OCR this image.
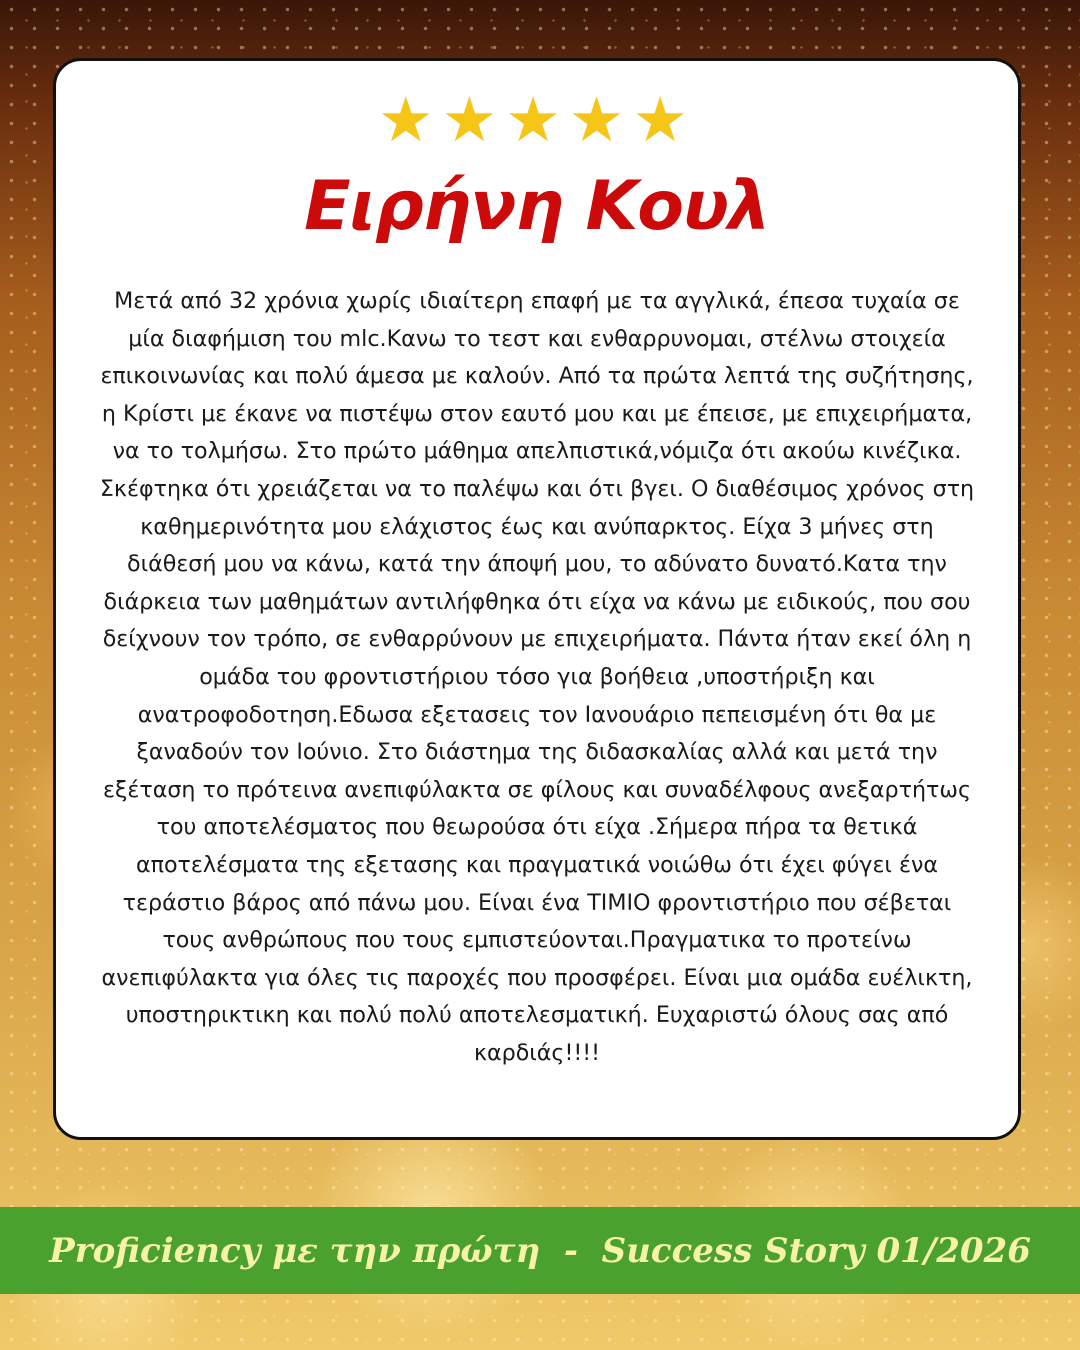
★★★★★
Ειρήνη Κουλ

Μετά από 32 χρόνια χωρίς ιδιαίτερη επαφή με τα αγγλικά, έπεσα τυχαία σε μία διαφήμιση του mlc.Κανω το τεστ και ενθαρρυνομαι, στέλνω στοιχεία επικοινωνίας και πολύ άμεσα με καλούν. Από τα πρώτα λεπτά της συζήτησης, η Κρίστι με έκανε να πιστέψω στον εαυτό μου και με έπεισε, με επιχειρήματα, να το τολμήσω. Στο πρώτο μάθημα απελπιστικά,νόμιζα ότι ακούω κινέζικα. Σκέφτηκα ότι χρειάζεται να το παλέψω και ότι βγει. Ο διαθέσιμος χρόνος στη καθημερινότητα μου ελάχιστος έως και ανύπαρκτος. Είχα 3 μήνες στη διάθεσή μου να κάνω, κατά την άποψή μου, το αδύνατο δυνατό.Κατα την διάρκεια των μαθημάτων αντιλήφθηκα ότι είχα να κάνω με ειδικούς, που σου δείχνουν τον τρόπο, σε ενθαρρύνουν με επιχειρήματα. Πάντα ήταν εκεί όλη η ομάδα του φροντιστήριου τόσο για βοήθεια ,υποστήριξη και ανατροφοδοτηση.Εδωσα εξετασεις τον Ιανουάριο πεπεισμένη ότι θα με ξαναδούν τον Ιούνιο. Στο διάστημα της διδασκαλίας αλλά και μετά την εξέταση το πρότεινα ανεπιφύλακτα σε φίλους και συναδέλφους ανεξαρτήτως του αποτελέσματος που θεωρούσα ότι είχα .Σήμερα πήρα τα θετικά αποτελέσματα της εξετασης και πραγματικά νοιώθω ότι έχει φύγει ένα τεράστιο βάρος από πάνω μου. Είναι ένα ΤΙΜΙΟ φροντιστήριο που σέβεται τους ανθρώπους που τους εμπιστεύονται.Πραγματικα το προτείνω ανεπιφύλακτα για όλες τις παροχές που προσφέρει. Είναι μια ομάδα ευέλικτη, υποστηρικτικη και πολύ πολύ αποτελεσματική. Ευχαριστώ όλους σας από καρδιάς!!!!

Proficiency με την πρώτη  -  Success Story 01/2026
